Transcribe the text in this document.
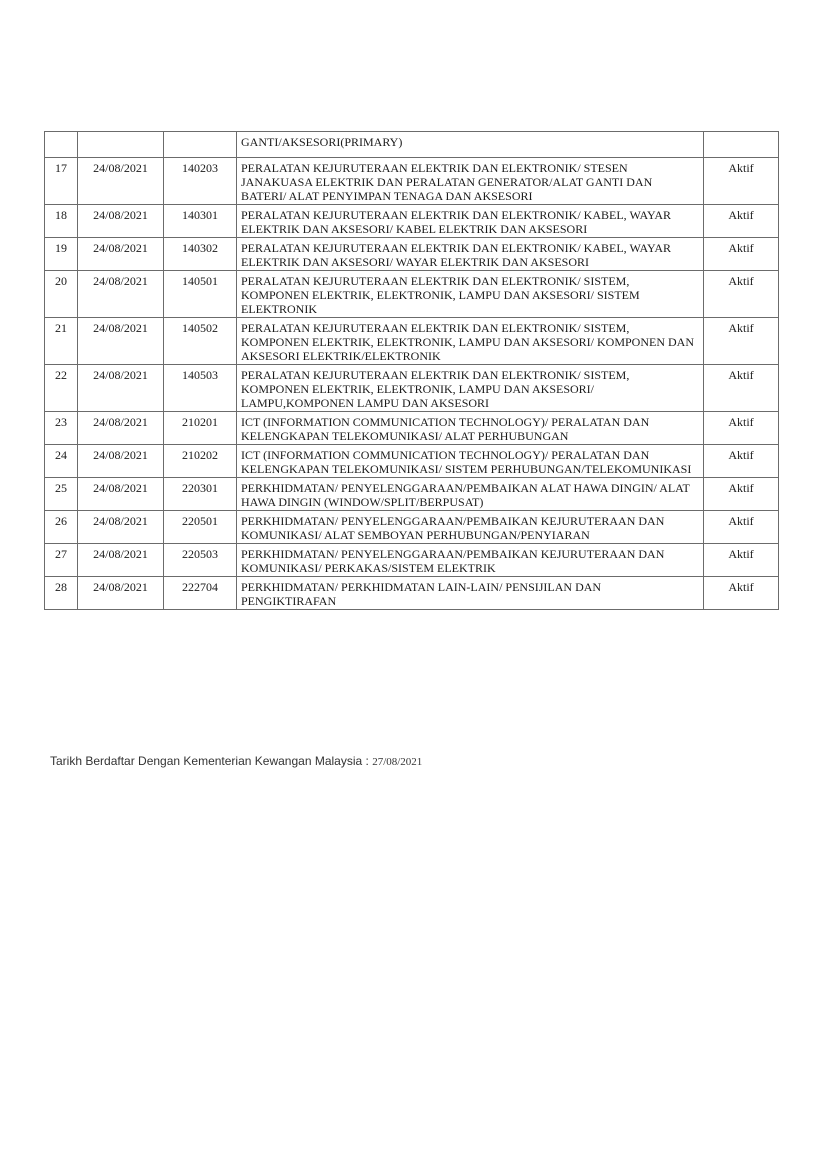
			GANTI/AKSESORI(PRIMARY)	
17	24/08/2021	140203	PERALATAN KEJURUTERAAN ELEKTRIK DAN ELEKTRONIK/ STESEN JANAKUASA ELEKTRIK DAN PERALATAN GENERATOR/ALAT GANTI DAN BATERI/ ALAT PENYIMPAN TENAGA DAN AKSESORI	Aktif
18	24/08/2021	140301	PERALATAN KEJURUTERAAN ELEKTRIK DAN ELEKTRONIK/ KABEL, WAYAR ELEKTRIK DAN AKSESORI/ KABEL ELEKTRIK DAN AKSESORI	Aktif
19	24/08/2021	140302	PERALATAN KEJURUTERAAN ELEKTRIK DAN ELEKTRONIK/ KABEL, WAYAR ELEKTRIK DAN AKSESORI/ WAYAR ELEKTRIK DAN AKSESORI	Aktif
20	24/08/2021	140501	PERALATAN KEJURUTERAAN ELEKTRIK DAN ELEKTRONIK/ SISTEM, KOMPONEN ELEKTRIK, ELEKTRONIK, LAMPU DAN AKSESORI/ SISTEM ELEKTRONIK	Aktif
21	24/08/2021	140502	PERALATAN KEJURUTERAAN ELEKTRIK DAN ELEKTRONIK/ SISTEM, KOMPONEN ELEKTRIK, ELEKTRONIK, LAMPU DAN AKSESORI/ KOMPONEN DAN AKSESORI ELEKTRIK/ELEKTRONIK	Aktif
22	24/08/2021	140503	PERALATAN KEJURUTERAAN ELEKTRIK DAN ELEKTRONIK/ SISTEM, KOMPONEN ELEKTRIK, ELEKTRONIK, LAMPU DAN AKSESORI/ LAMPU,KOMPONEN LAMPU DAN AKSESORI	Aktif
23	24/08/2021	210201	ICT (INFORMATION COMMUNICATION TECHNOLOGY)/ PERALATAN DAN KELENGKAPAN TELEKOMUNIKASI/ ALAT PERHUBUNGAN	Aktif
24	24/08/2021	210202	ICT (INFORMATION COMMUNICATION TECHNOLOGY)/ PERALATAN DAN KELENGKAPAN TELEKOMUNIKASI/ SISTEM PERHUBUNGAN/TELEKOMUNIKASI	Aktif
25	24/08/2021	220301	PERKHIDMATAN/ PENYELENGGARAAN/PEMBAIKAN ALAT HAWA DINGIN/ ALAT HAWA DINGIN (WINDOW/SPLIT/BERPUSAT)	Aktif
26	24/08/2021	220501	PERKHIDMATAN/ PENYELENGGARAAN/PEMBAIKAN KEJURUTERAAN DAN KOMUNIKASI/ ALAT SEMBOYAN PERHUBUNGAN/PENYIARAN	Aktif
27	24/08/2021	220503	PERKHIDMATAN/ PENYELENGGARAAN/PEMBAIKAN KEJURUTERAAN DAN KOMUNIKASI/ PERKAKAS/SISTEM ELEKTRIK	Aktif
28	24/08/2021	222704	PERKHIDMATAN/ PERKHIDMATAN LAIN-LAIN/ PENSIJILAN DAN PENGIKTIRAFAN	Aktif
Tarikh Berdaftar Dengan Kementerian Kewangan Malaysia : 27/08/2021
